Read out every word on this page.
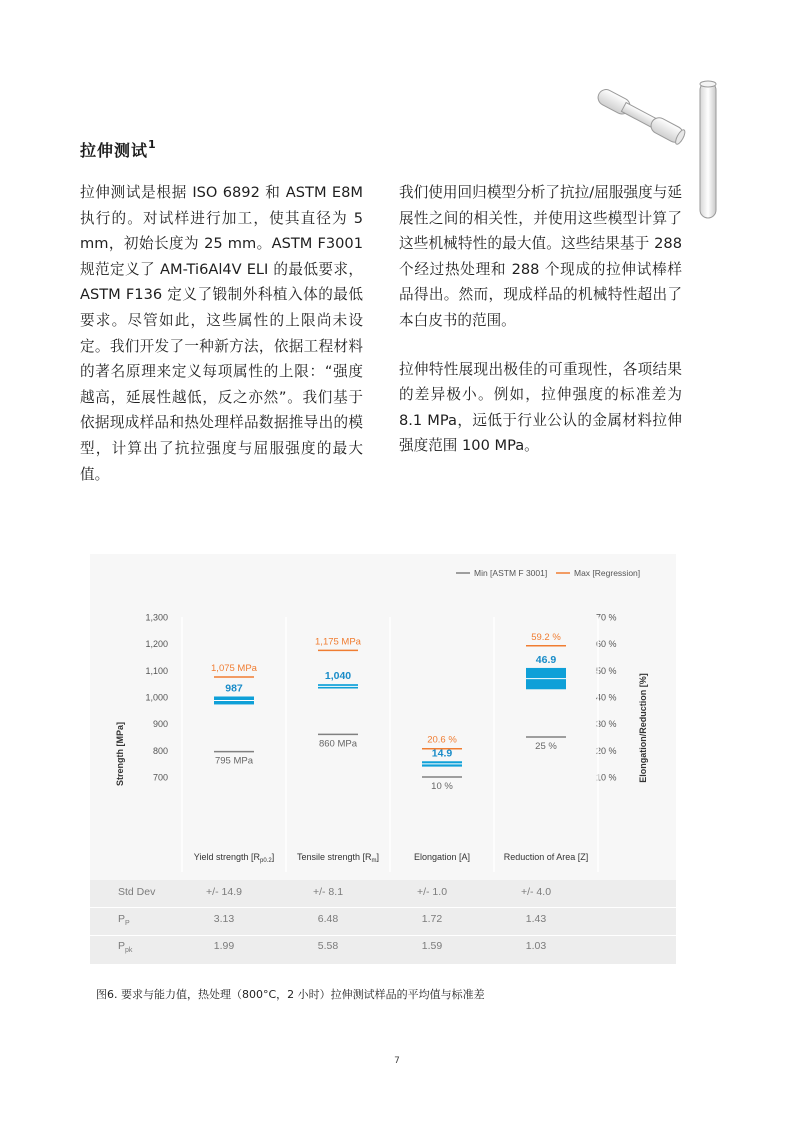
拉伸测试$^1$

拉伸测试是根据 ISO 6892 和 ASTM E8M 执行的。对试样进行加工，使其直径为 5 mm，初始长度为 25 mm。ASTM F3001 规范定义了 AM-Ti6Al4V ELI 的最低要求，ASTM F136 定义了锻制外科植入体的最低要求。尽管如此，这些属性的上限尚未设定。我们开发了一种新方法，依据工程材料的著名原理来定义每项属性的上限：“强度越高，延展性越低，反之亦然”。我们基于依据现成样品和热处理样品数据推导出的模型，计算出了抗拉强度与屈服强度的最大值。

我们使用回归模型分析了抗拉/屈服强度与延展性之间的相关性，并使用这些模型计算了这些机械特性的最大值。这些结果基于 288 个经过热处理和 288 个现成的拉伸试棒样品得出。然而，现成样品的机械特性超出了本白皮书的范围。

拉伸特性展现出极佳的可重现性，各项结果的差异极小。例如，拉伸强度的标准差为 8.1 MPa，远低于行业公认的金属材料拉伸强度范围 100 MPa。

Min [ASTM F 3001]	Max [Regression]
Strength [MPa]	Elongation/Reduction [%]
1,300
1,200
1,100
1,000
900
800
700
70 %
60 %
50 %
40 %
30 %
20 %
10 %
Yield strength $[R_{p0.2}]$	Tensile strength $[R_m]$	Elongation [A]	Reduction of Area [Z]
1,075 MPa
795 MPa
987
1,175 MPa
860 MPa
1,040
20.6 %
10 %
14.9
59.2 %
25 %
46.9
Std Dev	+/- 14.9	+/- 8.1	+/- 1.0	+/- 4.0
$P_P$	3.13	6.48	1.72	1.43
$P_{pk}$	1.99	5.58	1.59	1.03
图6. 要求与能力值，热处理（800°C，2 小时）拉伸测试样品的平均值与标准差
7
